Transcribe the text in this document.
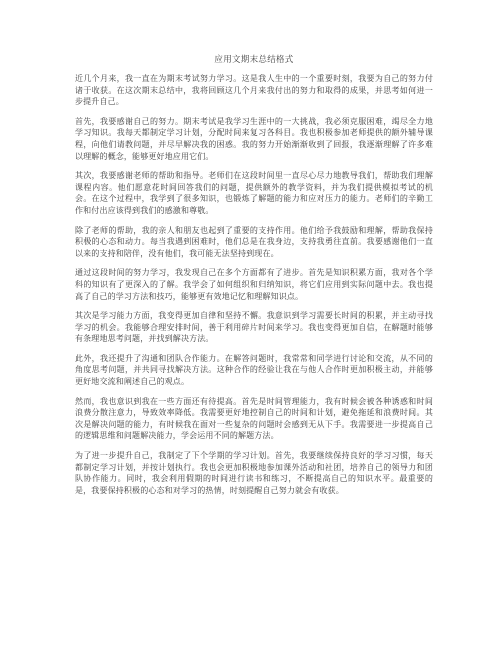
应用文期末总结格式

近几个月来，我一直在为期末考试努力学习。这是我人生中的一个重要时刻，我要为自己的努力付诸于收获。在这次期末总结中，我将回顾这几个月来我付出的努力和取得的成果，并思考如何进一步提升自己。

首先，我要感谢自己的努力。期末考试是我学习生涯中的一大挑战，我必须克服困难，竭尽全力地学习知识。我每天都制定学习计划，分配时间来复习各科目。我也积极参加老师提供的额外辅导课程，向他们请教问题，并尽早解决我的困惑。我的努力开始渐渐收到了回报，我逐渐理解了许多难以理解的概念，能够更好地应用它们。

其次，我要感谢老师的帮助和指导。老师们在这段时间里一直尽心尽力地教导我们，帮助我们理解课程内容。他们愿意花时间回答我们的问题，提供额外的教学资料，并为我们提供模拟考试的机会。在这个过程中，我学到了很多知识，也锻炼了解题的能力和应对压力的能力。老师们的辛勤工作和付出应该得到我们的感激和尊敬。

除了老师的帮助，我的亲人和朋友也起到了重要的支持作用。他们给予我鼓励和理解，帮助我保持积极的心态和动力。每当我遇到困难时，他们总是在我身边，支持我勇往直前。我要感谢他们一直以来的支持和陪伴，没有他们，我可能无法坚持到现在。

通过这段时间的努力学习，我发现自己在多个方面都有了进步。首先是知识积累方面，我对各个学科的知识有了更深入的了解。我学会了如何组织和归纳知识，将它们应用到实际问题中去。我也提高了自己的学习方法和技巧，能够更有效地记忆和理解知识点。

其次是学习能力方面，我变得更加自律和坚持不懈。我意识到学习需要长时间的积累，并主动寻找学习的机会。我能够合理安排时间，善于利用碎片时间来学习。我也变得更加自信，在解题时能够有条理地思考问题，并找到解决方法。

此外，我还提升了沟通和团队合作能力。在解答问题时，我常常和同学进行讨论和交流，从不同的角度思考问题，并共同寻找解决方法。这种合作的经验让我在与他人合作时更加积极主动，并能够更好地交流和阐述自己的观点。

然而，我也意识到我在一些方面还有待提高。首先是时间管理能力，我有时候会被各种诱惑和时间浪费分散注意力，导致效率降低。我需要更好地控制自己的时间和计划，避免拖延和浪费时间。其次是解决问题的能力，有时候我在面对一些复杂的问题时会感到无从下手。我需要进一步提高自己的逻辑思维和问题解决能力，学会运用不同的解题方法。

为了进一步提升自己，我制定了下个学期的学习计划。首先，我要继续保持良好的学习习惯，每天都制定学习计划，并按计划执行。我也会更加积极地参加课外活动和社团，培养自己的领导力和团队协作能力。同时，我会利用假期的时间进行读书和练习，不断提高自己的知识水平。最重要的是，我要保持积极的心态和对学习的热情，时刻提醒自己努力就会有收获。
